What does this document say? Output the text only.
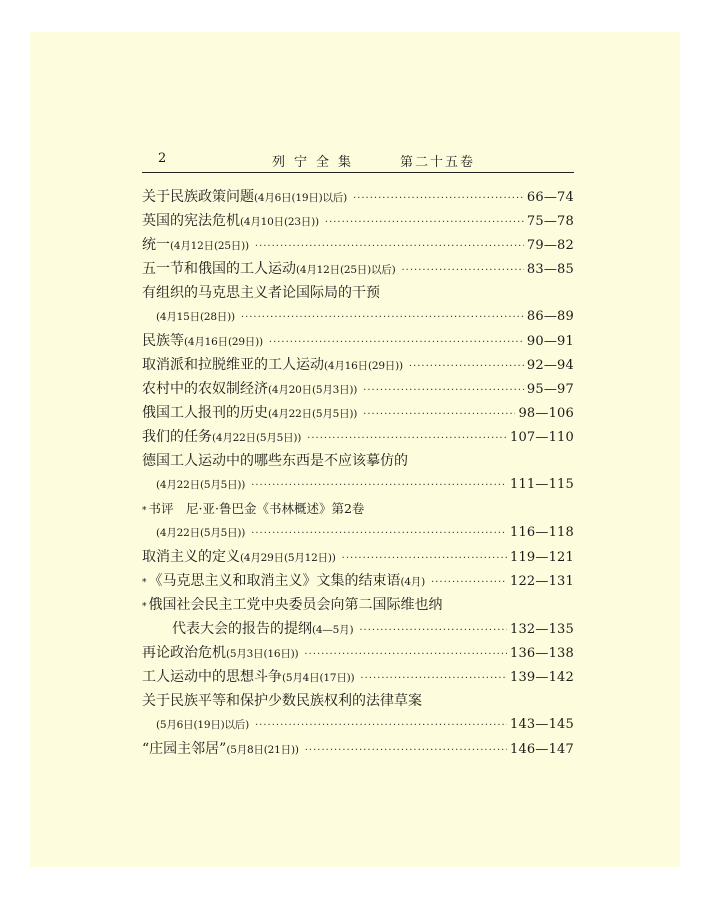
2	列宁全集	第二十五卷
关于民族政策问题 (4月6日(19日)以后) ·····	66—74
英国的宪法危机 (4月10日(23日)) ·····	75—78
统一 (4月12日(25日)) ·····	79—82
五一节和俄国的工人运动 (4月12日(25日)以后) ·····	83—85
有组织的马克思主义者论国际局的干预
(4月15日(28日)) ·····	86—89
民族等 (4月16日(29日)) ·····	90—91
取消派和拉脱维亚的工人运动 (4月16日(29日)) ·····	92—94
农村中的农奴制经济 (4月20日(5月3日)) ·····	95—97
俄国工人报刊的历史 (4月22日(5月5日)) ·····	98—106
我们的任务 (4月22日(5月5日)) ·····	107—110
德国工人运动中的哪些东西是不应该摹仿的
(4月22日(5月5日)) ·····	111—115
* 书评　尼·亚·鲁巴金《书林概述》第2卷
(4月22日(5月5日)) ·····	116—118
取消主义的定义 (4月29日(5月12日)) ·····	119—121
* 《马克思主义和取消主义》文集的结束语 (4月) ·····	122—131
* 俄国社会民主工党中央委员会向第二国际维也纳
代表大会的报告的提纲 (4—5月) ·····	132—135
再论政治危机 (5月3日(16日)) ·····	136—138
工人运动中的思想斗争 (5月4日(17日)) ·····	139—142
关于民族平等和保护少数民族权利的法律草案
(5月6日(19日)以后) ·····	143—145
“庄园主邻居” (5月8日(21日)) ·····	146—147
